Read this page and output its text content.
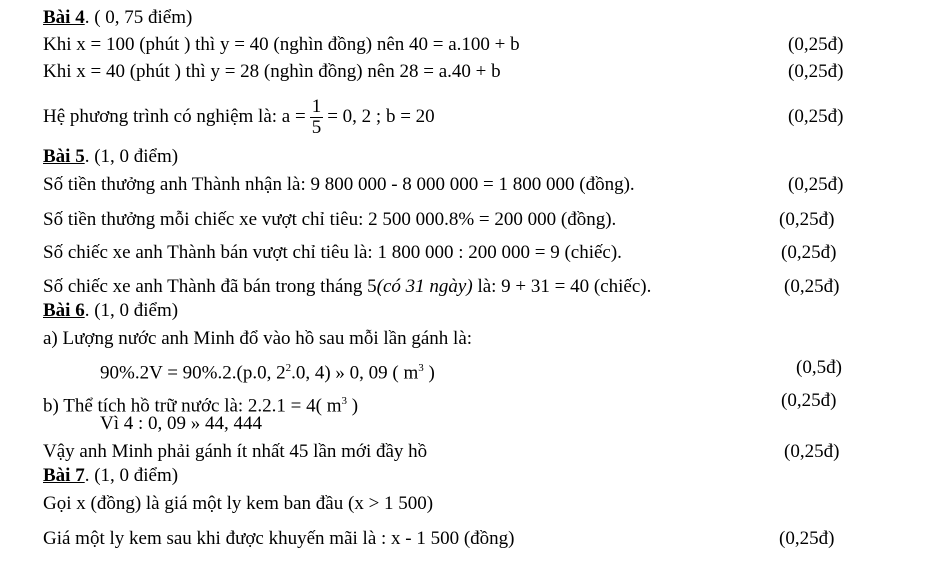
Bài 4. ( 0, 75 điểm)
Khi x = 100 (phút ) thì y = 40 (nghìn đồng) nên 40 = a.100 + b	(0,25đ)
Khi x = 40 (phút ) thì y = 28 (nghìn đồng) nên 28 = a.40 + b	(0,25đ)
Hệ phương trình có nghiệm là: $a = \frac{1}{5} = 0$, 2 ; b = 20	(0,25đ)
Bài 5. (1, 0 điểm)
Số tiền thưởng anh Thành nhận là: 9 800 000 - 8 000 000 = 1 800 000 (đồng).	(0,25đ)
Số tiền thưởng mỗi chiếc xe vượt chỉ tiêu: 2 500 000.8% = 200 000 (đồng).	(0,25đ)
Số chiếc xe anh Thành bán vượt chỉ tiêu là: 1 800 000 : 200 000 = 9 (chiếc).	(0,25đ)
Số chiếc xe anh Thành đã bán trong tháng 5(có 31 ngày) là: 9 + 31 = 40 (chiếc).	(0,25đ)
Bài 6. (1, 0 điểm)
a) Lượng nước anh Minh đổ vào hồ sau mỗi lần gánh là:
90%.2V = 90%.2.(p.0, $2^2.0$, 4) » 0, 09 ( $m^3$ )	(0,5đ)
b) Thể tích hồ trữ nước là: 2.2.1 = 4( $m^3$ )	(0,25đ)
Vì 4 : 0, 09 » 44, 444
Vậy anh Minh phải gánh ít nhất 45 lần mới đầy hồ	(0,25đ)
Bài 7. (1, 0 điểm)
Gọi x (đồng) là giá một ly kem ban đầu (x > 1 500)
Giá một ly kem sau khi được khuyến mãi là : x - 1 500 (đồng)	(0,25đ)
